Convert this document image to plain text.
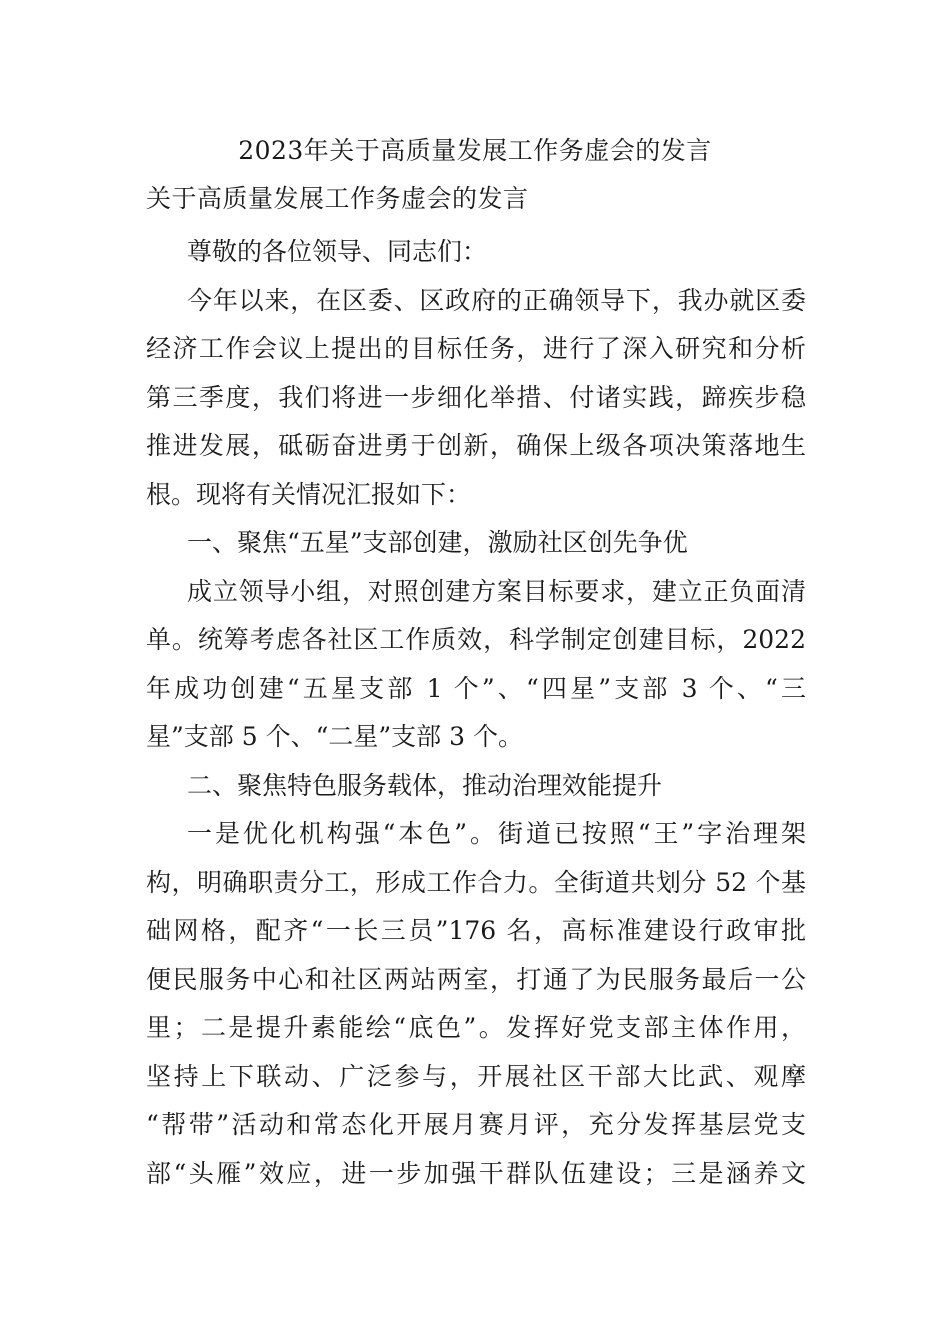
2023年关于高质量发展工作务虚会的发言
关于高质量发展工作务虚会的发言
尊敬的各位领导、同志们：
今年以来，在区委、区政府的正确领导下，我办就区委
经济工作会议上提出的目标任务，进行了深入研究和分析
第三季度，我们将进一步细化举措、付诸实践，蹄疾步稳
推进发展，砥砺奋进勇于创新，确保上级各项决策落地生
根。现将有关情况汇报如下：
一、聚焦“五星”支部创建，激励社区创先争优
成立领导小组，对照创建方案目标要求，建立正负面清
单。统筹考虑各社区工作质效，科学制定创建目标，2022
年成功创建“五星支部 1 个”、“四星”支部 3 个、“三
星”支部 5 个、“二星”支部 3 个。
二、聚焦特色服务载体，推动治理效能提升
一是优化机构强“本色”。街道已按照“王”字治理架
构，明确职责分工，形成工作合力。全街道共划分 52 个基
础网格，配齐“一长三员”176 名，高标准建设行政审批
便民服务中心和社区两站两室，打通了为民服务最后一公
里；二是提升素能绘“底色”。发挥好党支部主体作用，
坚持上下联动、广泛参与，开展社区干部大比武、观摩
“帮带”活动和常态化开展月赛月评，充分发挥基层党支
部“头雁”效应，进一步加强干群队伍建设；三是涵养文
